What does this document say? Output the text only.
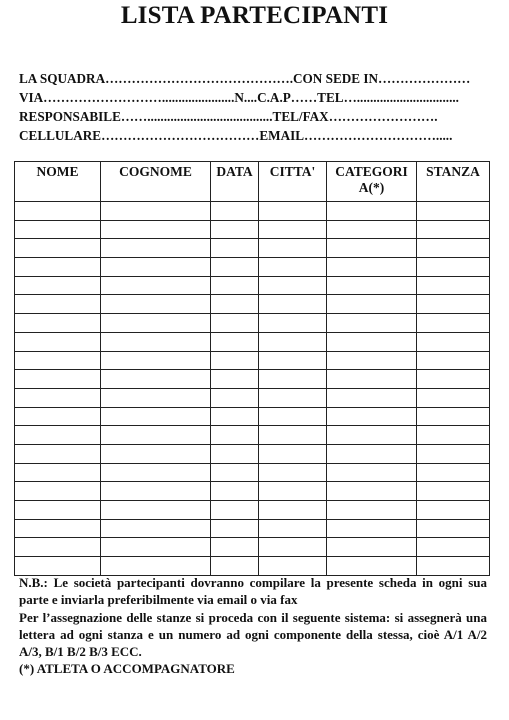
LISTA PARTECIPANTI
LA SQUADRA…………………………………….CON SEDE IN…………………
VIA………………………......................N....C.A.P……TEL…...............................
RESPONSABILE……......................................TEL/FAX…………………….
CELLULARE………………………………EMAIL………………………….....
NOME	COGNOME	DATA	CITTA'	CATEGORI A(*)	STANZA

N.B.: Le società partecipanti dovranno compilare la presente scheda in ogni sua parte e inviarla preferibilmente via email o via fax

Per l’assegnazione delle stanze si proceda con il seguente sistema: si assegnerà una lettera ad ogni stanza e un numero ad ogni componente della stessa, cioè A/1 A/2 A/3, B/1 B/2 B/3 ECC.

(*) ATLETA O ACCOMPAGNATORE
